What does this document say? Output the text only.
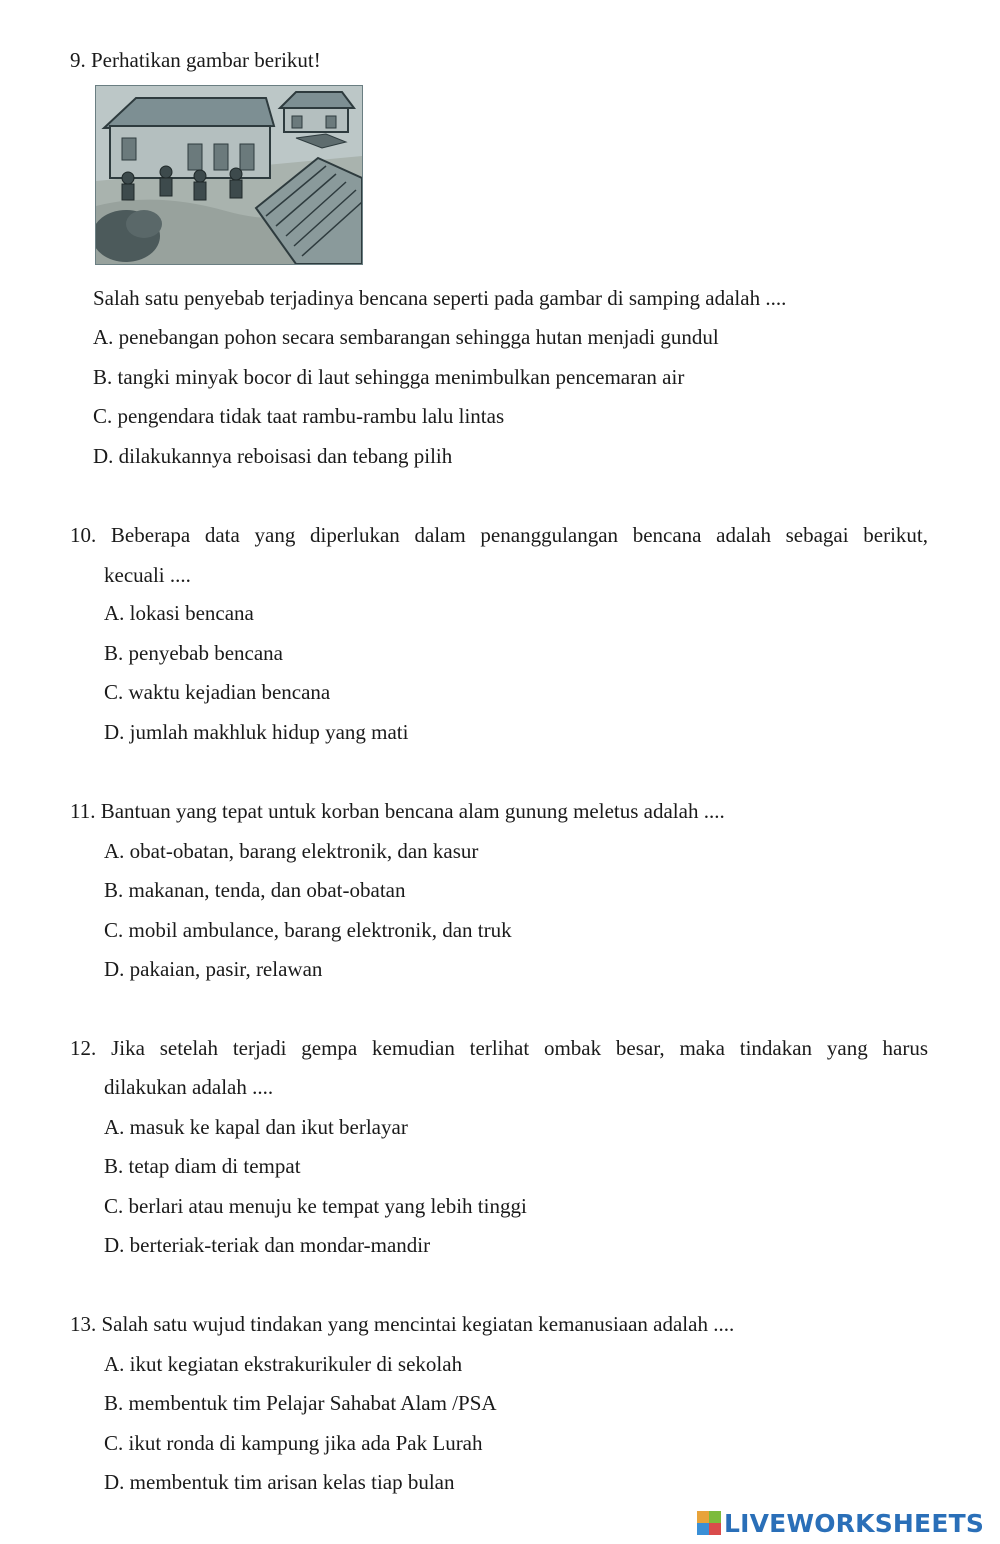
9. Perhatikan gambar berikut!
Salah satu penyebab terjadinya bencana seperti pada gambar di samping adalah ....
A. penebangan pohon secara sembarangan sehingga hutan menjadi gundul
B. tangki minyak bocor di laut sehingga menimbulkan pencemaran air
C. pengendara tidak taat rambu-rambu lalu lintas
D. dilakukannya reboisasi dan tebang pilih
10. Beberapa data yang diperlukan dalam penanggulangan bencana adalah sebagai berikut,
kecuali ....
A. lokasi bencana
B. penyebab bencana
C. waktu kejadian bencana
D. jumlah makhluk hidup yang mati
11. Bantuan yang tepat untuk korban bencana alam gunung meletus adalah ....
A. obat-obatan, barang elektronik, dan kasur
B. makanan, tenda, dan obat-obatan
C. mobil ambulance, barang elektronik, dan truk
D. pakaian, pasir, relawan
12. Jika setelah terjadi gempa kemudian terlihat ombak besar, maka tindakan yang harus
dilakukan adalah ....
A. masuk ke kapal dan ikut berlayar
B. tetap diam di tempat
C. berlari atau menuju ke tempat yang lebih tinggi
D. berteriak-teriak dan mondar-mandir
13. Salah satu wujud tindakan yang mencintai kegiatan kemanusiaan adalah ....
A. ikut kegiatan ekstrakurikuler di sekolah
B. membentuk tim Pelajar Sahabat Alam /PSA
C. ikut ronda di kampung jika ada Pak Lurah
D. membentuk tim arisan kelas tiap bulan
LIVEWORKSHEETS
